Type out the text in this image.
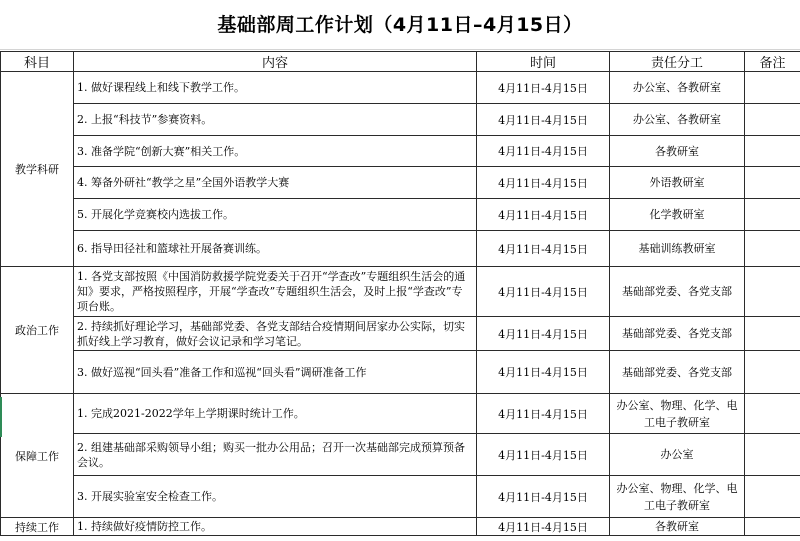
基础部周工作计划（4月11日–4月15日）
科目	内容	时间	责任分工	备注
教学科研	1. 做好课程线上和线下教学工作。	4月11日-4月15日	办公室、各教研室	
	2. 上报“科技节”参赛资料。	4月11日-4月15日	办公室、各教研室	
	3. 准备学院“创新大赛”相关工作。	4月11日-4月15日	各教研室	
	4. 筹备外研社“教学之星”全国外语教学大赛	4月11日-4月15日	外语教研室	
	5. 开展化学竞赛校内选拔工作。	4月11日-4月15日	化学教研室	
	6. 指导田径社和篮球社开展备赛训练。	4月11日-4月15日	基础训练教研室	
政治工作	1. 各党支部按照《中国消防救援学院党委关于召开“学查改”专题组织生活会的通知》要求，严格按照程序，开展“学查改”专题组织生活会，及时上报“学查改”专项台账。	4月11日-4月15日	基础部党委、各党支部	
	2. 持续抓好理论学习，基础部党委、各党支部结合疫情期间居家办公实际，切实抓好线上学习教育，做好会议记录和学习笔记。	4月11日-4月15日	基础部党委、各党支部	
	3. 做好巡视“回头看”准备工作和巡视“回头看”调研准备工作	4月11日-4月15日	基础部党委、各党支部	
保障工作	1. 完成2021-2022学年上学期课时统计工作。	4月11日-4月15日	办公室、物理、化学、电工电子教研室	
	2. 组建基础部采购领导小组；购买一批办公用品；召开一次基础部完成预算预备会议。	4月11日-4月15日	办公室	
	3. 开展实验室安全检查工作。	4月11日-4月15日	办公室、物理、化学、电工电子教研室	
持续工作	1. 持续做好疫情防控工作。	4月11日-4月15日	各教研室	
